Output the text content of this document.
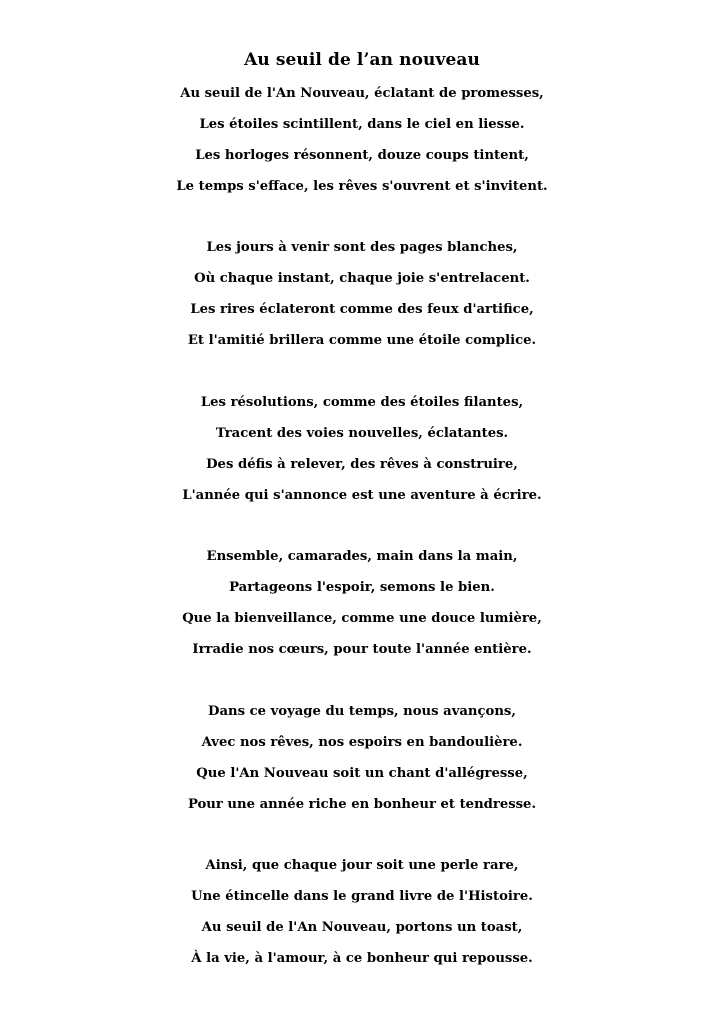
Au seuil de l’an nouveau
Au seuil de l'An Nouveau, éclatant de promesses,
Les étoiles scintillent, dans le ciel en liesse.
Les horloges résonnent, douze coups tintent,
Le temps s'efface, les rêves s'ouvrent et s'invitent.
Les jours à venir sont des pages blanches,
Où chaque instant, chaque joie s'entrelacent.
Les rires éclateront comme des feux d'artifice,
Et l'amitié brillera comme une étoile complice.
Les résolutions, comme des étoiles filantes,
Tracent des voies nouvelles, éclatantes.
Des défis à relever, des rêves à construire,
L'année qui s'annonce est une aventure à écrire.
Ensemble, camarades, main dans la main,
Partageons l'espoir, semons le bien.
Que la bienveillance, comme une douce lumière,
Irradie nos cœurs, pour toute l'année entière.
Dans ce voyage du temps, nous avançons,
Avec nos rêves, nos espoirs en bandoulière.
Que l'An Nouveau soit un chant d'allégresse,
Pour une année riche en bonheur et tendresse.
Ainsi, que chaque jour soit une perle rare,
Une étincelle dans le grand livre de l'Histoire.
Au seuil de l'An Nouveau, portons un toast,
À la vie, à l'amour, à ce bonheur qui repousse.
